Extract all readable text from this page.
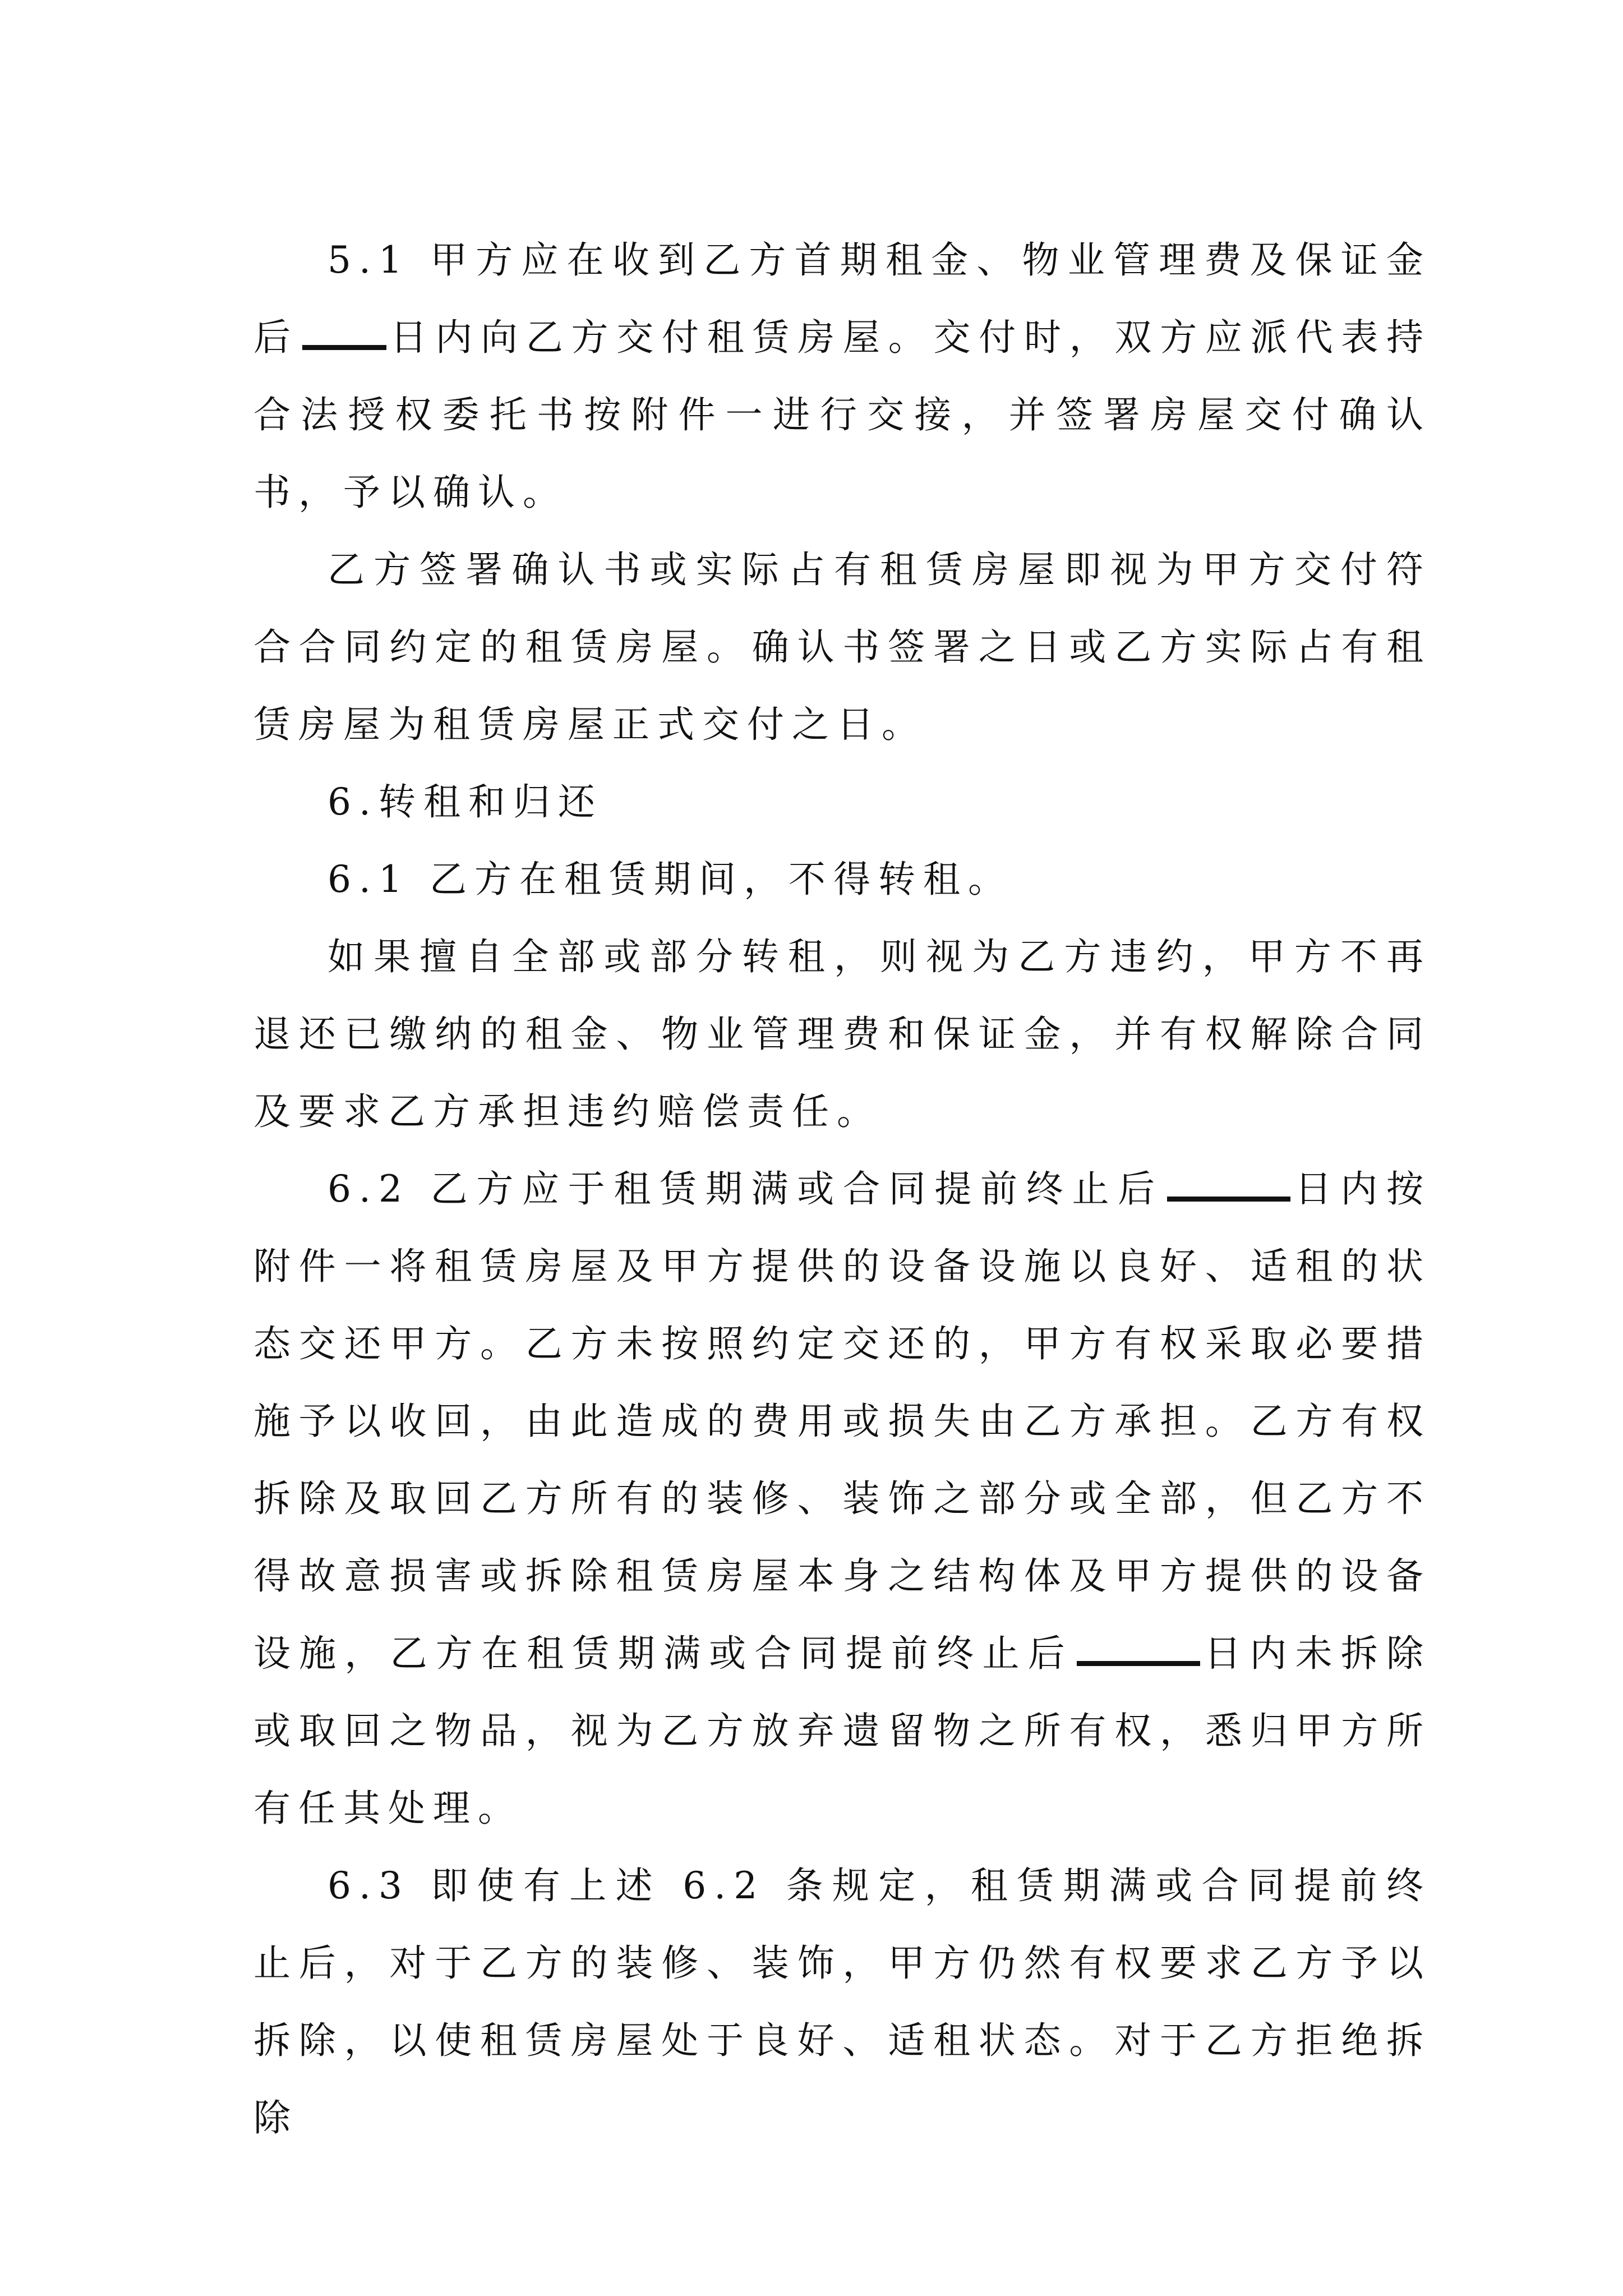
5.1 甲方应在收到乙方首期租金、物业管理费及保证金后 日内向乙方交付租赁房屋。交付时，双方应派代表持合法授权委托书按附件一进行交接，并签署房屋交付确认书，予以确认。

乙方签署确认书或实际占有租赁房屋即视为甲方交付符合合同约定的租赁房屋。确认书签署之日或乙方实际占有租赁房屋为租赁房屋正式交付之日。

6.转租和归还

6.1 乙方在租赁期间，不得转租。

如果擅自全部或部分转租，则视为乙方违约，甲方不再退还已缴纳的租金、物业管理费和保证金，并有权解除合同及要求乙方承担违约赔偿责任。

6.2 乙方应于租赁期满或合同提前终止后	日内按附件一将租赁房屋及甲方提供的设备设施以良好、适租的状态交还甲方。乙方未按照约定交还的，甲方有权采取必要措施予以收回，由此造成的费用或损失由乙方承担。乙方有权拆除及取回乙方所有的装修、装饰之部分或全部，但乙方不得故意损害或拆除租赁房屋本身之结构体及甲方提供的设备设施，乙方在租赁期满或合同提前终止后	日内未拆除或取回之物品，视为乙方放弃遗留物之所有权，悉归甲方所有任其处理。

6.3 即使有上述 6.2 条规定，租赁期满或合同提前终止后，对于乙方的装修、装饰，甲方仍然有权要求乙方予以拆除，以使租赁房屋处于良好、适租状态。对于乙方拒绝拆除
